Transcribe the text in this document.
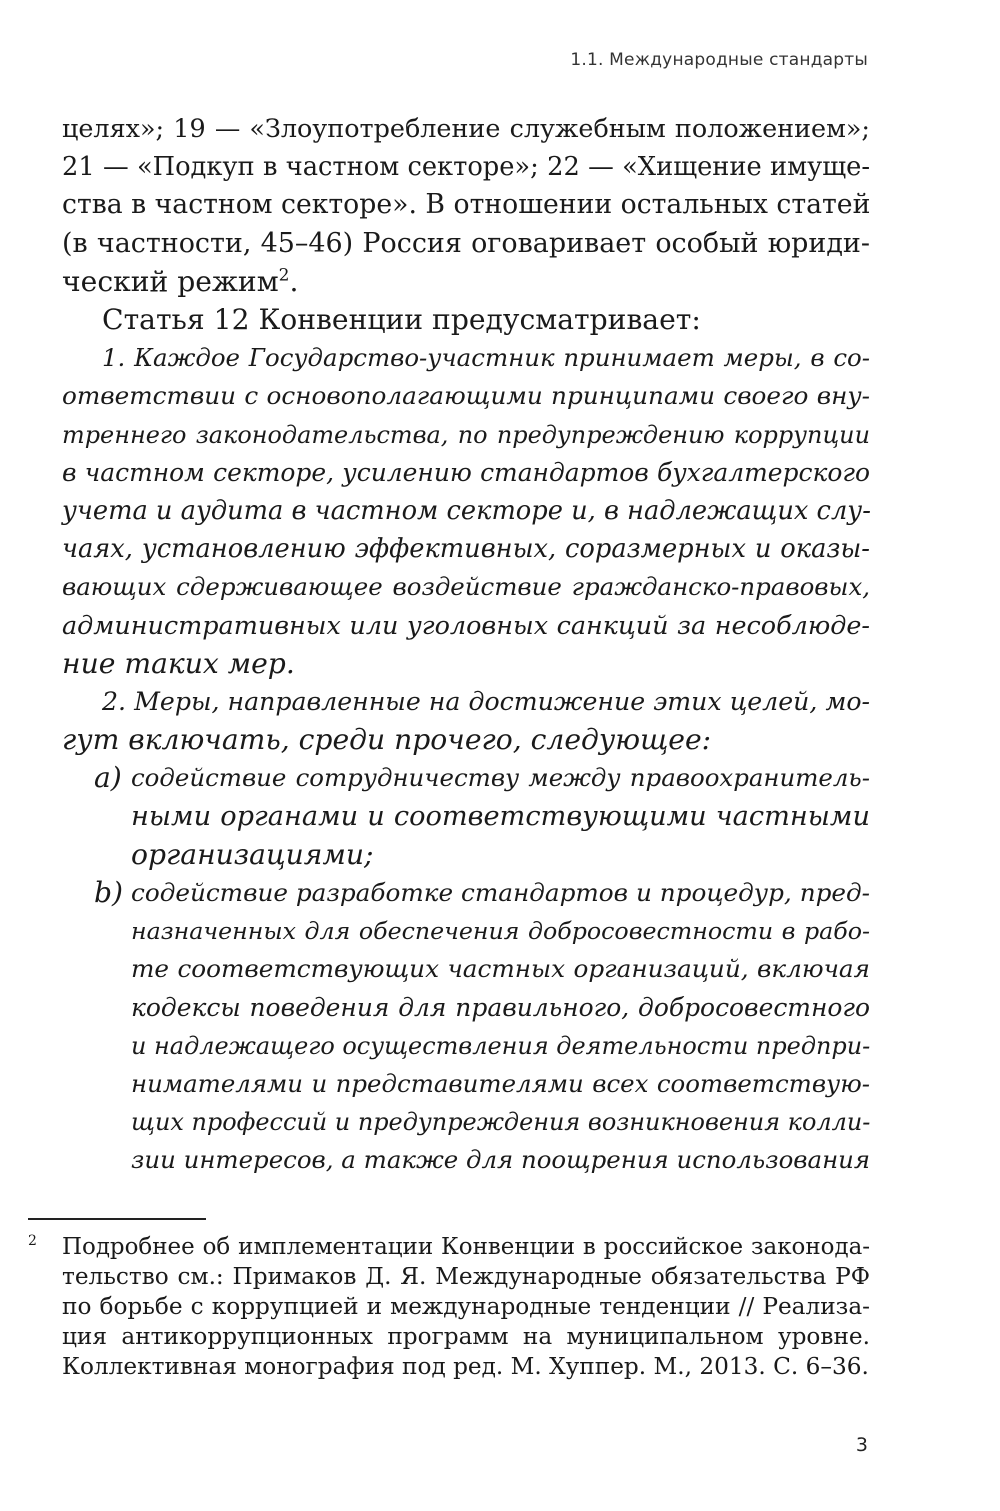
1.1. Международные стандарты
целях»; 19 — «Злоупотребление служебным положением»;
21 — «Подкуп в частном секторе»; 22 — «Хищение имуще-
ства в частном секторе». В отношении остальных статей
(в частности, 45–46) Россия оговаривает особый юриди-
ческий режим$^2$.
Статья 12 Конвенции предусматривает:
1. Каждое Государство-участник принимает меры, в со-
ответствии с основополагающими принципами своего вну-
треннего законодательства, по предупреждению коррупции
в частном секторе, усилению стандартов бухгалтерского
учета и аудита в частном секторе и, в надлежащих слу-
чаях, установлению эффективных, соразмерных и оказы-
вающих сдерживающее воздействие гражданско-правовых,
административных или уголовных санкций за несоблюде-
ние таких мер.
2. Меры, направленные на достижение этих целей, мо-
гут включать, среди прочего, следующее:
a) содействие сотрудничеству между правоохранитель-
ными органами и соответствующими частными
организациями;
b) содействие разработке стандартов и процедур, пред-
назначенных для обеспечения добросовестности в рабо-
те соответствующих частных организаций, включая
кодексы поведения для правильного, добросовестного
и надлежащего осуществления деятельности предпри-
нимателями и представителями всех соответствую-
щих профессий и предупреждения возникновения колли-
зии интересов, а также для поощрения использования
2 Подробнее об имплементации Конвенции в российское законода-
тельство см.: Примаков Д. Я. Международные обязательства РФ
по борьбе с коррупцией и международные тенденции // Реализа-
ция антикоррупционных программ на муниципальном уровне.
Коллективная монография под ред. М. Хуппер. М., 2013. С. 6–36.
3
